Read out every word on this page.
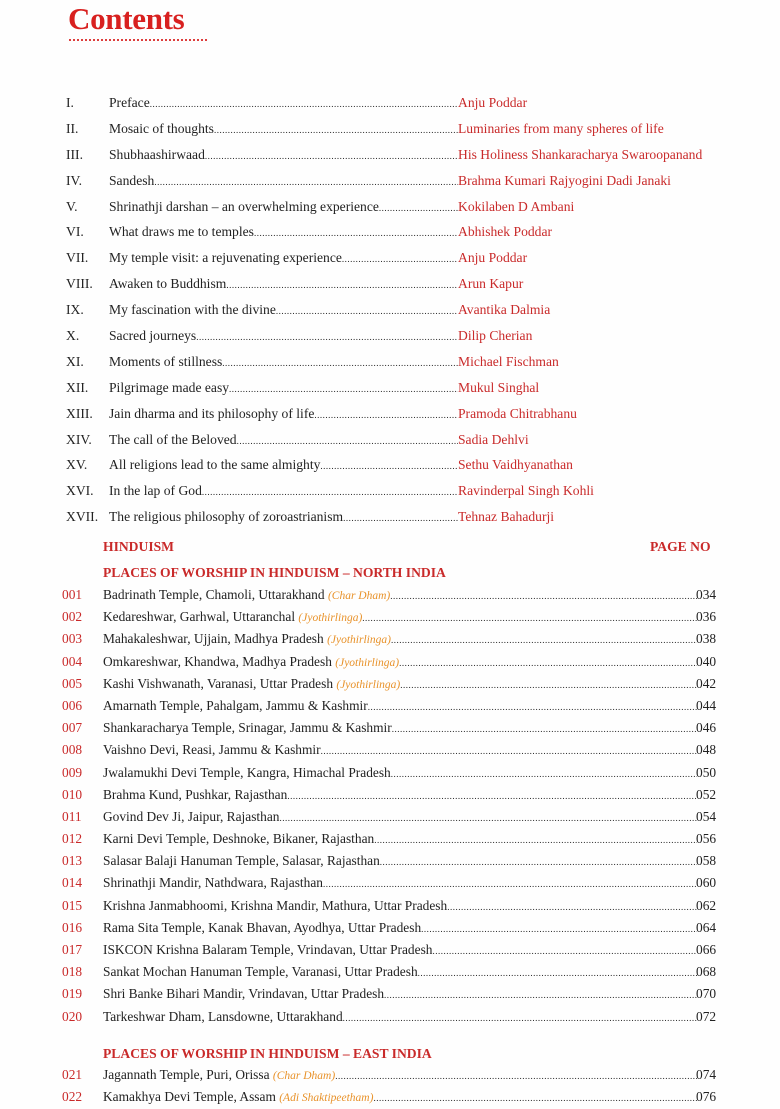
Contents
I.	Preface .....	Anju Poddar
II. Mosaic of thoughts .....	Luminaries from many spheres of life
III. Shubhaashirwaad .....	His Holiness Shankaracharya Swaroopanand
IV. Sandesh .....	Brahma Kumari Rajyogini Dadi Janaki
V. Shrinathji darshan – an overwhelming experience .....	Kokilaben D Ambani
VI. What draws me to temples .....	Abhishek Poddar
VII. My temple visit: a rejuvenating experience .....	Anju Poddar
VIII. Awaken to Buddhism .....	Arun Kapur
IX. My fascination with the divine .....	Avantika Dalmia
X. Sacred journeys .....	Dilip Cherian
XI. Moments of stillness .....	Michael Fischman
XII. Pilgrimage made easy .....	Mukul Singhal
XIII. Jain dharma and its philosophy of life .....	Pramoda Chitrabhanu
XIV. The call of the Beloved .....	Sadia Dehlvi
XV. All religions lead to the same almighty .....	Sethu Vaidhyanathan
XVI. In the lap of God .....	Ravinderpal Singh Kohli
XVII. The religious philosophy of zoroastrianism .....	Tehnaz Bahadurji
HINDUISM	PAGE NO
PLACES OF WORSHIP IN HINDUISM – NORTH INDIA
001 Badrinath Temple, Chamoli, Uttarakhand (Char Dham) .....	034
002 Kedareshwar, Garhwal, Uttaranchal (Jyothirlinga) .....	036
003 Mahakaleshwar, Ujjain, Madhya Pradesh (Jyothirlinga) .....	038
004 Omkareshwar, Khandwa, Madhya Pradesh (Jyothirlinga) .....	040
005 Kashi Vishwanath, Varanasi, Uttar Pradesh (Jyothirlinga) .....	042
006 Amarnath Temple, Pahalgam, Jammu & Kashmir .....	044
007 Shankaracharya Temple, Srinagar, Jammu & Kashmir .....	046
008 Vaishno Devi, Reasi, Jammu & Kashmir .....	048
009 Jwalamukhi Devi Temple, Kangra, Himachal Pradesh .....	050
010 Brahma Kund, Pushkar, Rajasthan .....	052
011 Govind Dev Ji, Jaipur, Rajasthan .....	054
012 Karni Devi Temple, Deshnoke, Bikaner, Rajasthan .....	056
013 Salasar Balaji Hanuman Temple, Salasar, Rajasthan .....	058
014 Shrinathji Mandir, Nathdwara, Rajasthan .....	060
015 Krishna Janmabhoomi, Krishna Mandir, Mathura, Uttar Pradesh .....	062
016 Rama Sita Temple, Kanak Bhavan, Ayodhya, Uttar Pradesh .....	064
017 ISKCON Krishna Balaram Temple, Vrindavan, Uttar Pradesh .....	066
018 Sankat Mochan Hanuman Temple, Varanasi, Uttar Pradesh .....	068
019 Shri Banke Bihari Mandir, Vrindavan, Uttar Pradesh .....	070
020 Tarkeshwar Dham, Lansdowne, Uttarakhand .....	072
PLACES OF WORSHIP IN HINDUISM – EAST INDIA
021 Jagannath Temple, Puri, Orissa (Char Dham) .....	074
022 Kamakhya Devi Temple, Assam (Adi Shaktipeetham) .....	076
